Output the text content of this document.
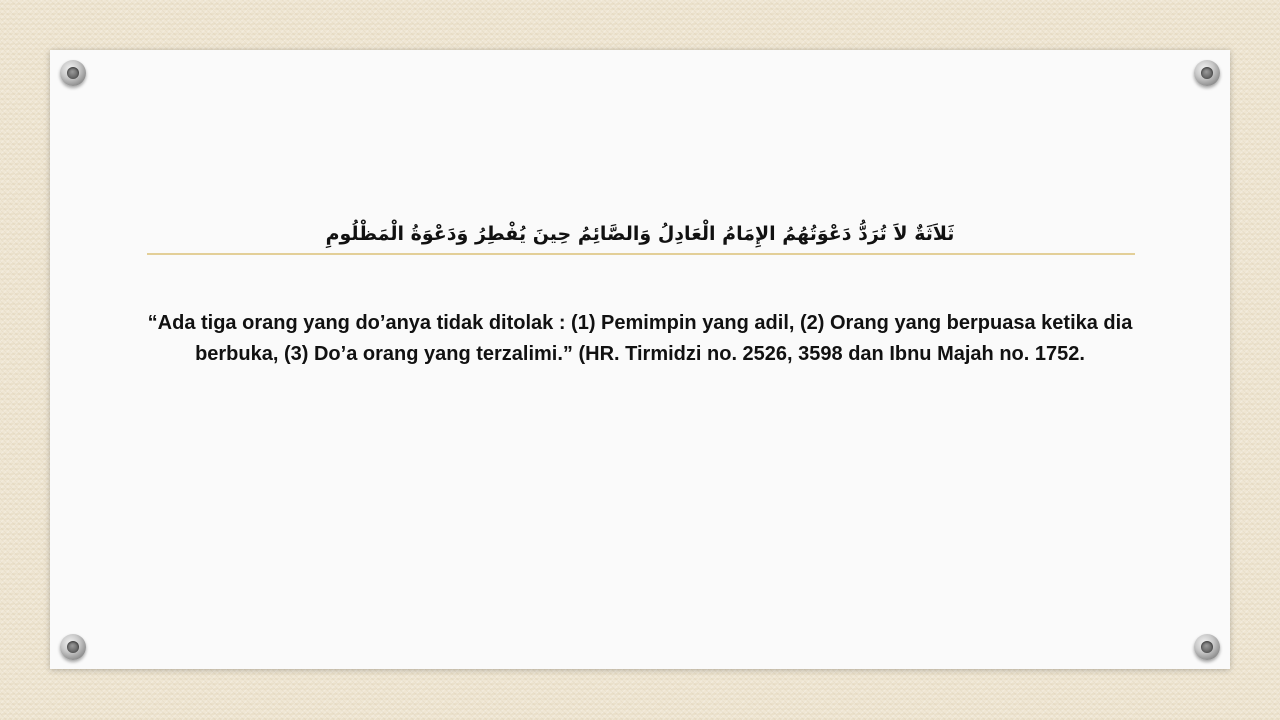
ثَلاَثَةٌ لاَ تُرَدُّ دَعْوَتُهُمُ الإِمَامُ الْعَادِلُ وَالصَّائِمُ حِينَ يُفْطِرُ وَدَعْوَةُ الْمَظْلُومِ
“Ada tiga orang yang do’anya tidak ditolak : (1) Pemimpin yang adil, (2) Orang yang berpuasa ketika dia berbuka, (3) Do’a orang yang terzalimi.” (HR. Tirmidzi no. 2526, 3598 dan Ibnu Majah no. 1752.
